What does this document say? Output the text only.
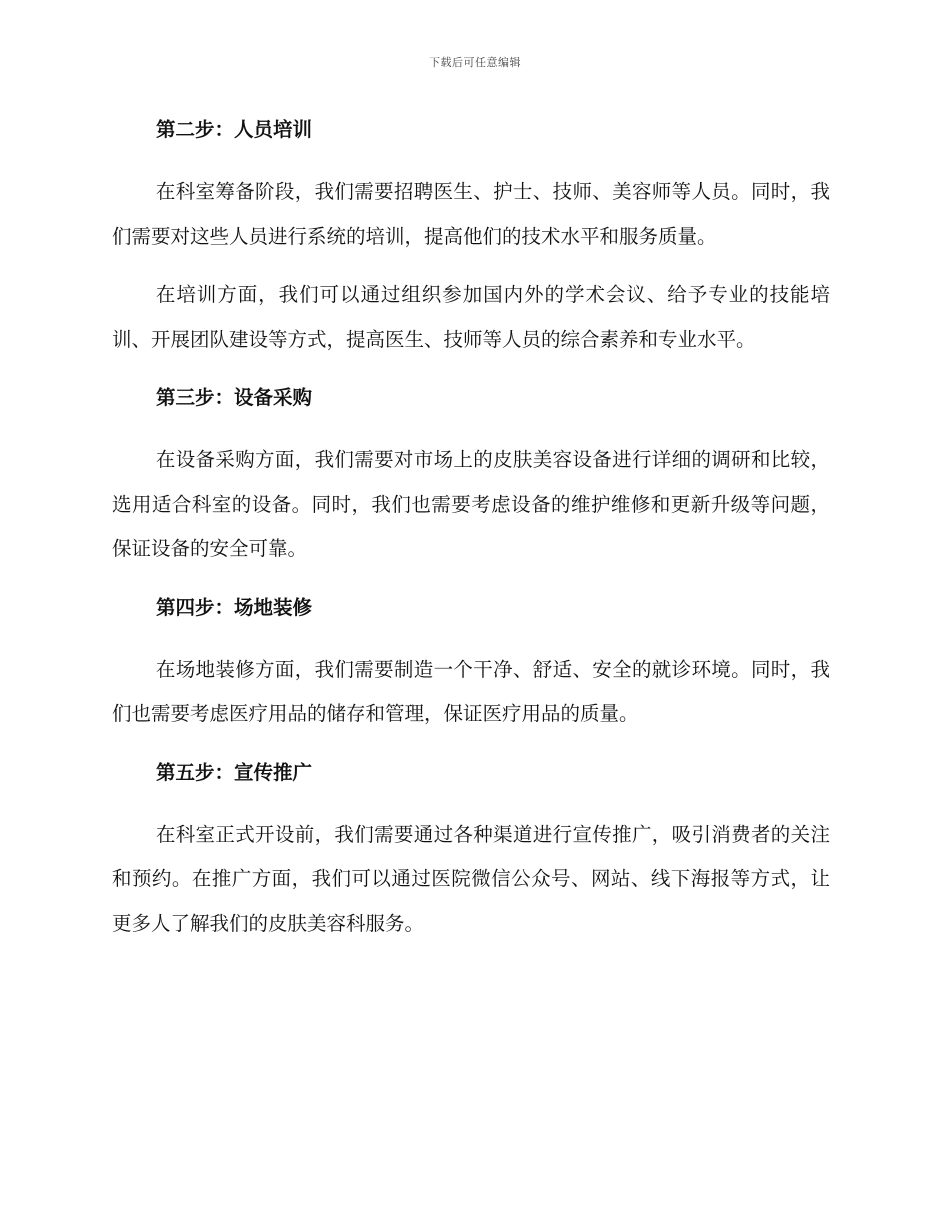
下载后可任意编辑
第二步：人员培训

在科室筹备阶段，我们需要招聘医生、护士、技师、美容师等人员。同时，我们需要对这些人员进行系统的培训，提高他们的技术水平和服务质量。

在培训方面，我们可以通过组织参加国内外的学术会议、给予专业的技能培训、开展团队建设等方式，提高医生、技师等人员的综合素养和专业水平。

第三步：设备采购

在设备采购方面，我们需要对市场上的皮肤美容设备进行详细的调研和比较，选用适合科室的设备。同时，我们也需要考虑设备的维护维修和更新升级等问题，保证设备的安全可靠。

第四步：场地装修

在场地装修方面，我们需要制造一个干净、舒适、安全的就诊环境。同时，我们也需要考虑医疗用品的储存和管理，保证医疗用品的质量。

第五步：宣传推广

在科室正式开设前，我们需要通过各种渠道进行宣传推广，吸引消费者的关注和预约。在推广方面，我们可以通过医院微信公众号、网站、线下海报等方式，让更多人了解我们的皮肤美容科服务。
